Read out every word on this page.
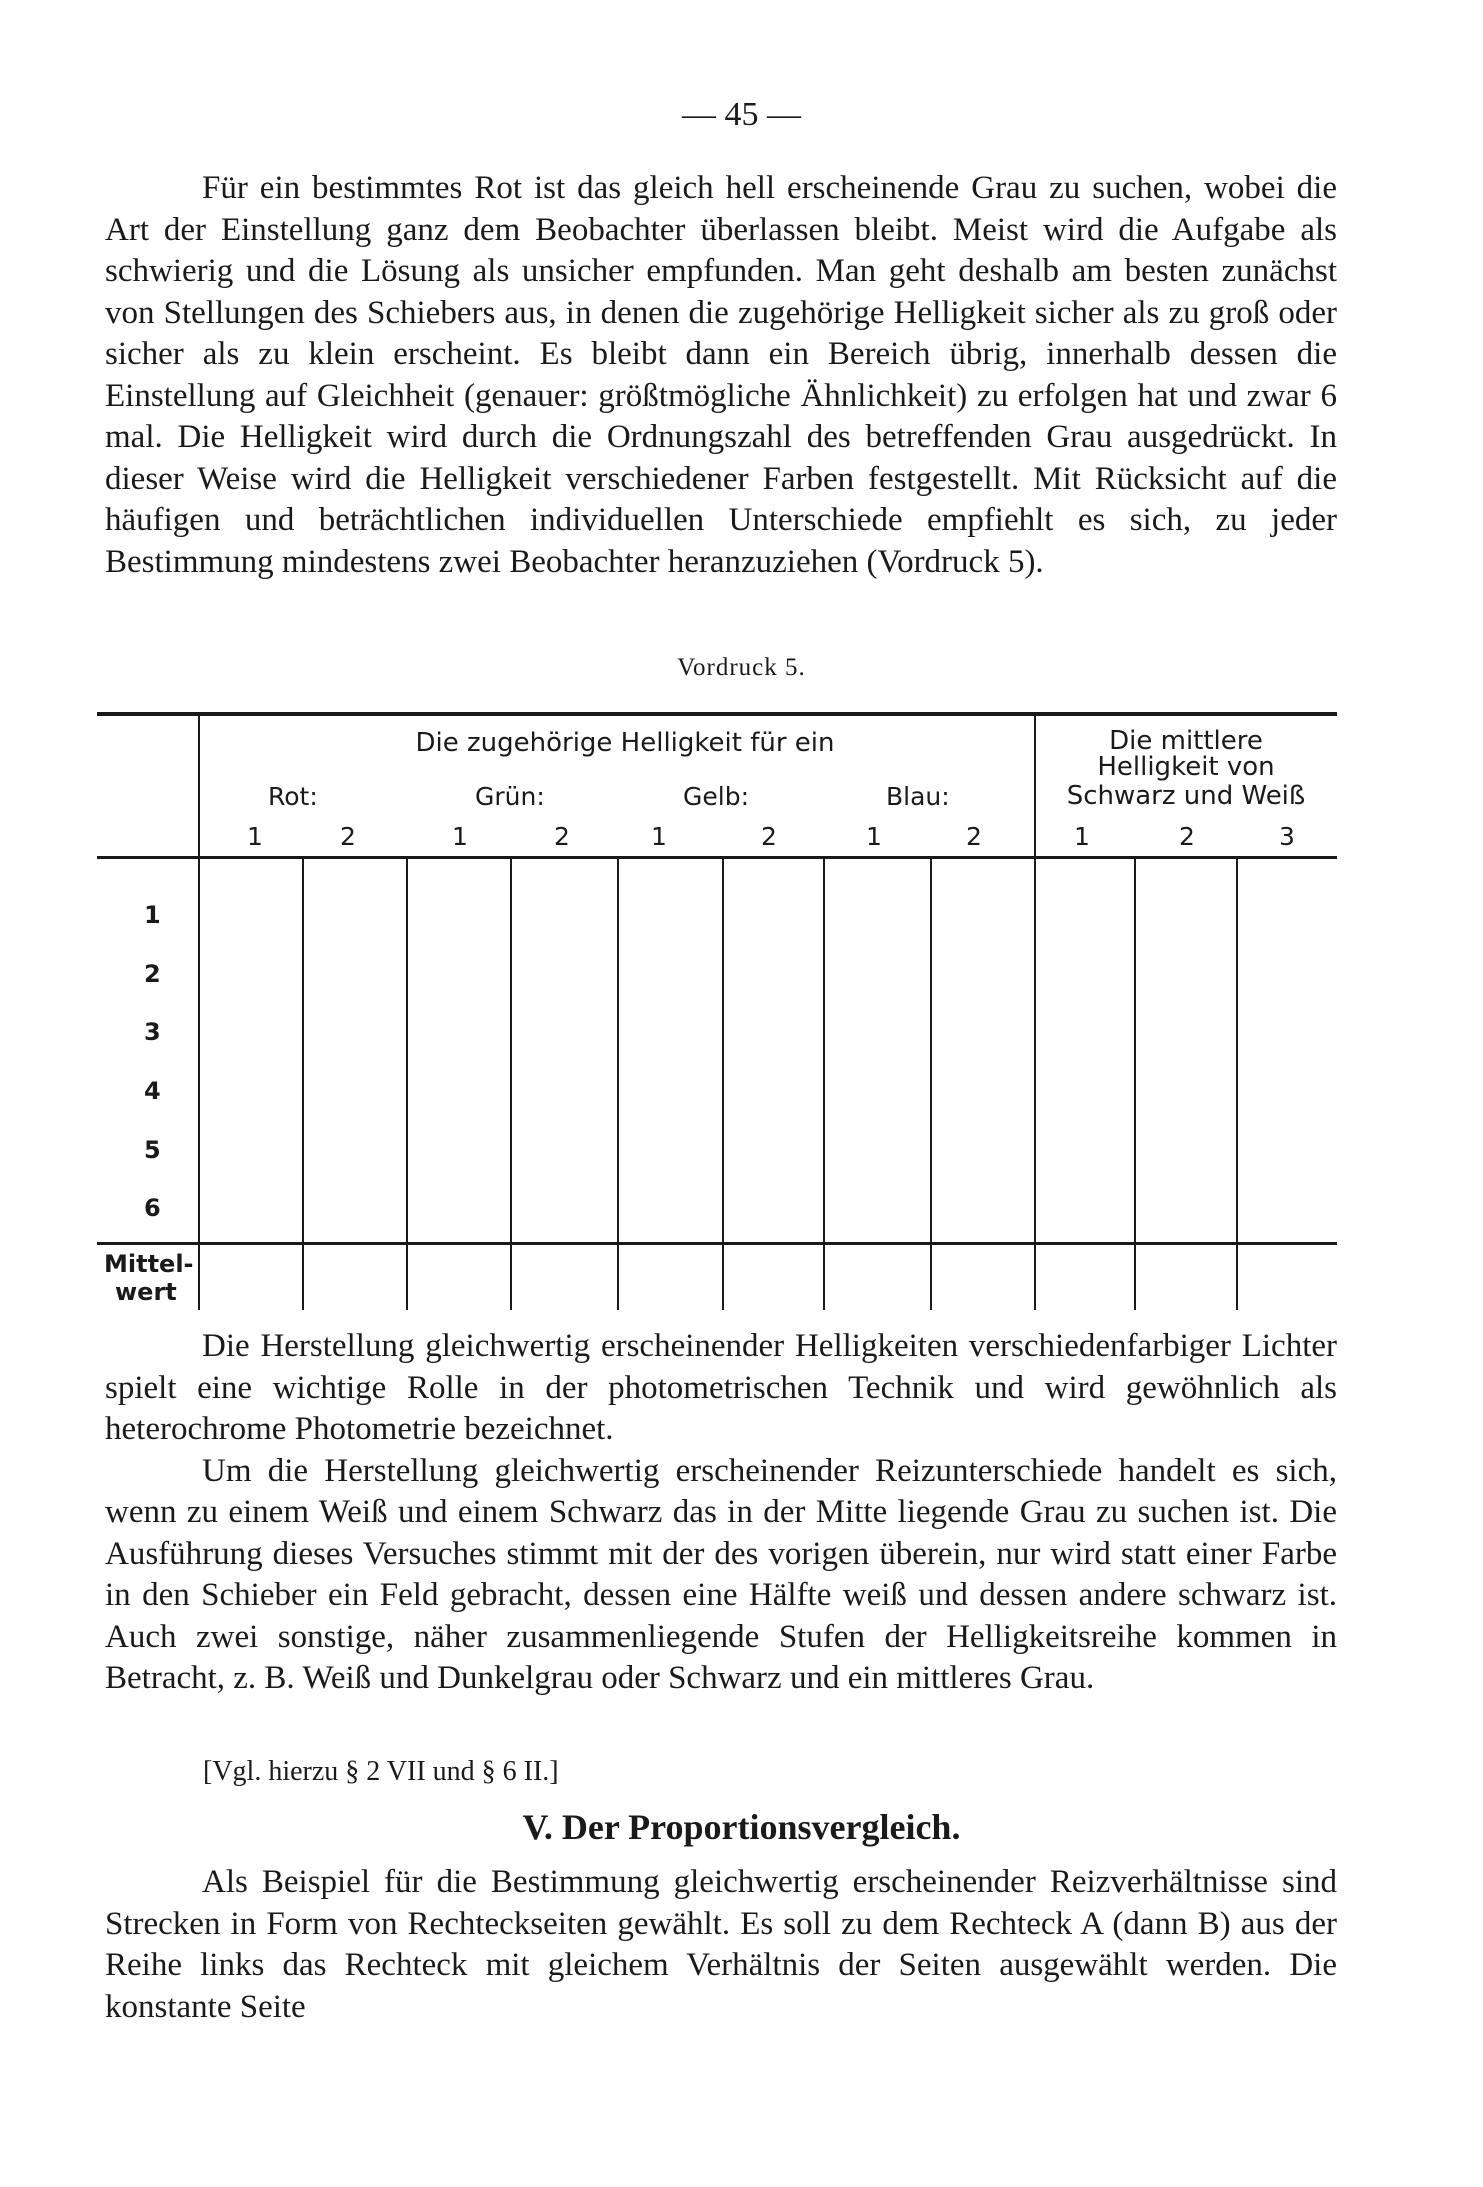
— 45 —

Für ein bestimmtes Rot ist das gleich hell erscheinende Grau zu suchen, wobei die Art der Einstellung ganz dem Beobachter überlassen bleibt. Meist wird die Aufgabe als schwierig und die Lösung als unsicher empfunden. Man geht deshalb am besten zunächst von Stellungen des Schiebers aus, in denen die zugehörige Helligkeit sicher als zu groß oder sicher als zu klein erscheint. Es bleibt dann ein Bereich übrig, innerhalb dessen die Einstellung auf Gleichheit (genauer: größtmögliche Ähnlichkeit) zu erfolgen hat und zwar 6 mal. Die Helligkeit wird durch die Ordnungszahl des betreffenden Grau ausgedrückt. In dieser Weise wird die Helligkeit verschiedener Farben festgestellt. Mit Rücksicht auf die häufigen und beträchtlichen individuellen Unterschiede empfiehlt es sich, zu jeder Bestimmung mindestens zwei Beobachter heranzuziehen (Vordruck 5).

Vordruck 5.
Die zugehörige Helligkeit für ein	Die mittlere
Helligkeit von
Schwarz und Weiß
Rot:	Grün:	Gelb:	Blau:
1	2	1	2	1	2	1	2	1	2	3
1
2
3
4
5
6
Mittel-
wert

Die Herstellung gleichwertig erscheinender Helligkeiten verschiedenfarbiger Lichter spielt eine wichtige Rolle in der photometrischen Technik und wird gewöhnlich als heterochrome Photometrie bezeichnet.

Um die Herstellung gleichwertig erscheinender Reizunterschiede handelt es sich, wenn zu einem Weiß und einem Schwarz das in der Mitte liegende Grau zu suchen ist. Die Ausführung dieses Versuches stimmt mit der des vorigen überein, nur wird statt einer Farbe in den Schieber ein Feld gebracht, dessen eine Hälfte weiß und dessen andere schwarz ist. Auch zwei sonstige, näher zusammenliegende Stufen der Helligkeitsreihe kommen in Betracht, z. B. Weiß und Dunkelgrau oder Schwarz und ein mittleres Grau.

[Vgl. hierzu § 2 VII und § 6 II.]
V. Der Proportionsvergleich.

Als Beispiel für die Bestimmung gleichwertig erscheinender Reizverhältnisse sind Strecken in Form von Rechteckseiten gewählt. Es soll zu dem Rechteck A (dann B) aus der Reihe links das Rechteck mit gleichem Verhältnis der Seiten ausgewählt werden. Die konstante Seite
